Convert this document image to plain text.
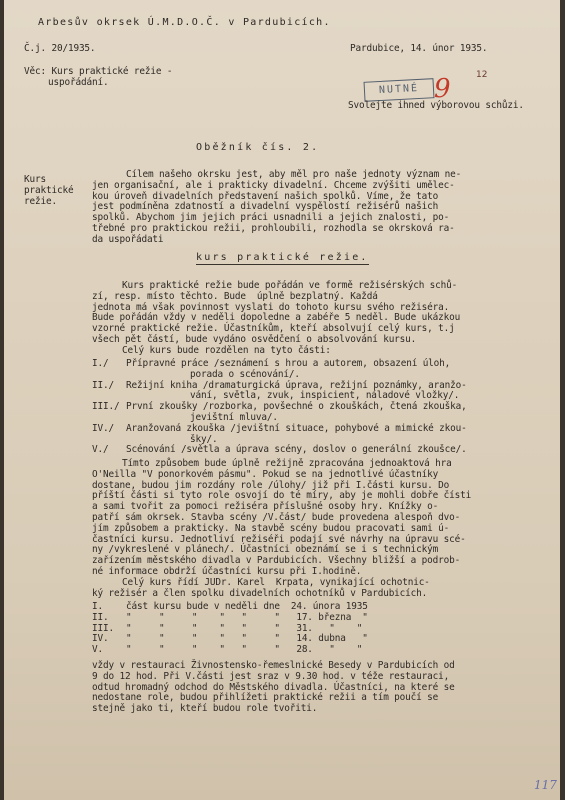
Arbesův okrsek Ú.M.D.O.Č. v Pardubicích.
Č.j. 20/1935.	Pardubice, 14. únor 1935.
Věc: Kurs praktické režie -
uspořádání.
NUTNÉ 9	12
Svolejte ihned výborovou schůzi.
Oběžník čís. 2.
Kurs
praktické
režie.
Cílem našeho okrsku jest, aby měl pro naše jednoty význam ne-
jen organisační, ale i prakticky divadelní. Chceme zvýšiti umělec-
kou úroveň divadelních představení našich spolků. Víme, že tato
jest podmíněna zdatností a divadelní vyspělostí režisérů našich
spolků. Abychom jim jejich práci usnadnili a jejich znalosti, po-
třebné pro praktickou režii, prohloubili, rozhodla se okrsková ra-
da uspořádati
kurs praktické režie.
Kurs praktické režie bude pořádán ve formě režisérských schů-
zí, resp. místo těchto. Bude  úplně bezplatný. Každá
jednota má však povinnost vyslati do tohoto kursu svého režiséra.
Bude pořádán vždy v neděli dopoledne a zabéře 5 neděl. Bude ukázkou
vzorné praktické režie. Účastníkům, kteří absolvují celý kurs, t.j
všech pět částí, bude vydáno osvědčení o absolvování kursu.
Celý kurs bude rozdělen na tyto části:
I./ Přípravné práce /seznámení s hrou a autorem, obsazení úloh,
porada o scénování/.
II./ Režijní kniha /dramaturgická úprava, režijní poznámky, aranžo-
vání, světla, zvuk, inspicient, náladové vložky/.
III./ První zkoušky /rozborka, povšechné o zkouškách, čtená zkouška,
jevištní mluva/.
IV./ Aranžovaná zkouška /jevištní situace, pohybové a mimické zkou-
šky/.
V./ Scénování /světla a úprava scény, doslov o generální zkoušce/.
Tímto způsobem bude úplně režijně zpracována jednoaktová hra
O'Neilla "V ponorkovém pásmu". Pokud se na jednotlivé účastníky
dostane, budou jim rozdány role /úlohy/ již při I.části kursu. Do
příští části si tyto role osvojí do té míry, aby je mohli dobře čísti
a sami tvořit za pomoci režiséra příslušné osoby hry. Knížky o-
patří sám okrsek. Stavba scény /V.část/ bude provedena alespoň dvo-
jím způsobem a prakticky. Na stavbě scény budou pracovati sami ú-
častníci kursu. Jednotliví režiséři podají své návrhy na úpravu scé-
ny /vykreslené v plánech/. Účastníci obeznámí se i s technickým
zařízením městského divadla v Pardubicích. Všechny bližší a podrob-
né informace obdrží účastníci kursu při I.hodině.
Celý kurs řídí JUDr. Karel  Krpata, vynikající ochotnic-
ký režisér a člen spolku divadelních ochotníků v Pardubicích.
I. část kursu bude v neděli dne  24. února 1935
II. "     "     "    "   "     "   17. března  "
III. "     "     "    "   "     "   31.   "    "
IV. "     "     "    "   "     "   14. dubna   "
V. "     "     "    "   "     "   28.   "    "
vždy v restauraci Živnostensko-řemeslnické Besedy v Pardubicích od
9 do 12 hod. Při V.části jest sraz v 9.30 hod. v téže restauraci,
odtud hromadný odchod do Městského divadla. Účastníci, na které se
nedostane role, budou přihlížeti praktické režii a tím poučí se
stejně jako ti, kteří budou role tvořiti.
117
